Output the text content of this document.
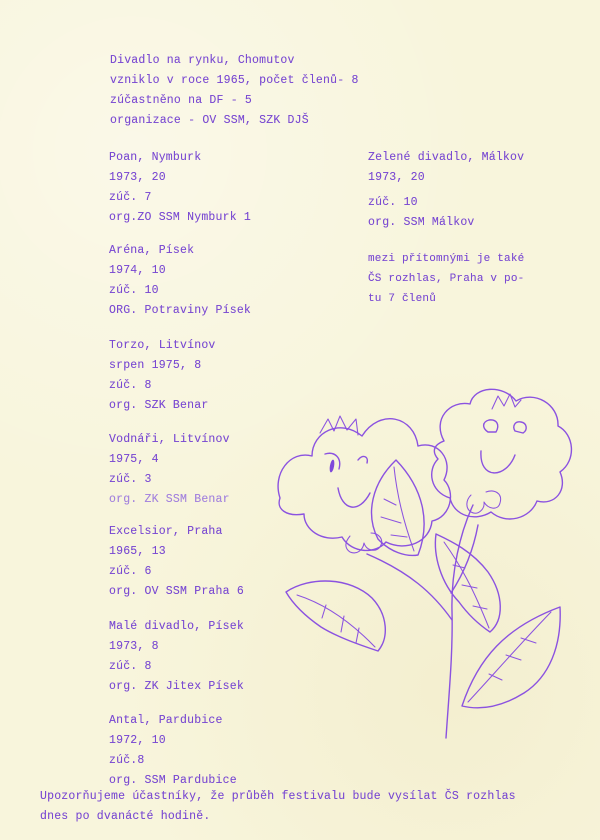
Divadlo na rynku, Chomutov
vzniklo v roce 1965, počet členů- 8
zúčastněno na DF - 5
organizace - OV SSM, SZK DJŠ
Poan, Nymburk
1973, 20
zúč. 7
org.ZO SSM Nymburk 1
Aréna, Písek
1974, 10
zúč. 10
ORG. Potraviny Písek
Torzo, Litvínov
srpen 1975, 8
zúč. 8
org. SZK Benar
Vodnáři, Litvínov
1975, 4
zúč. 3
org. ZK SSM Benar
Excelsior, Praha
1965, 13
zúč. 6
org. OV SSM Praha 6
Malé divadlo, Písek
1973, 8
zúč. 8
org. ZK Jitex Písek
Antal, Pardubice
1972, 10
zúč.8
org. SSM Pardubice
Zelené divadlo, Málkov
1973, 20
zúč. 10
org. SSM Málkov
mezi přítomnými je také
ČS rozhlas, Praha v po-
tu 7 členů
Upozorňujeme účastníky, že průběh festivalu bude vysílat ČS rozhlas
dnes po dvanácté hodině.
